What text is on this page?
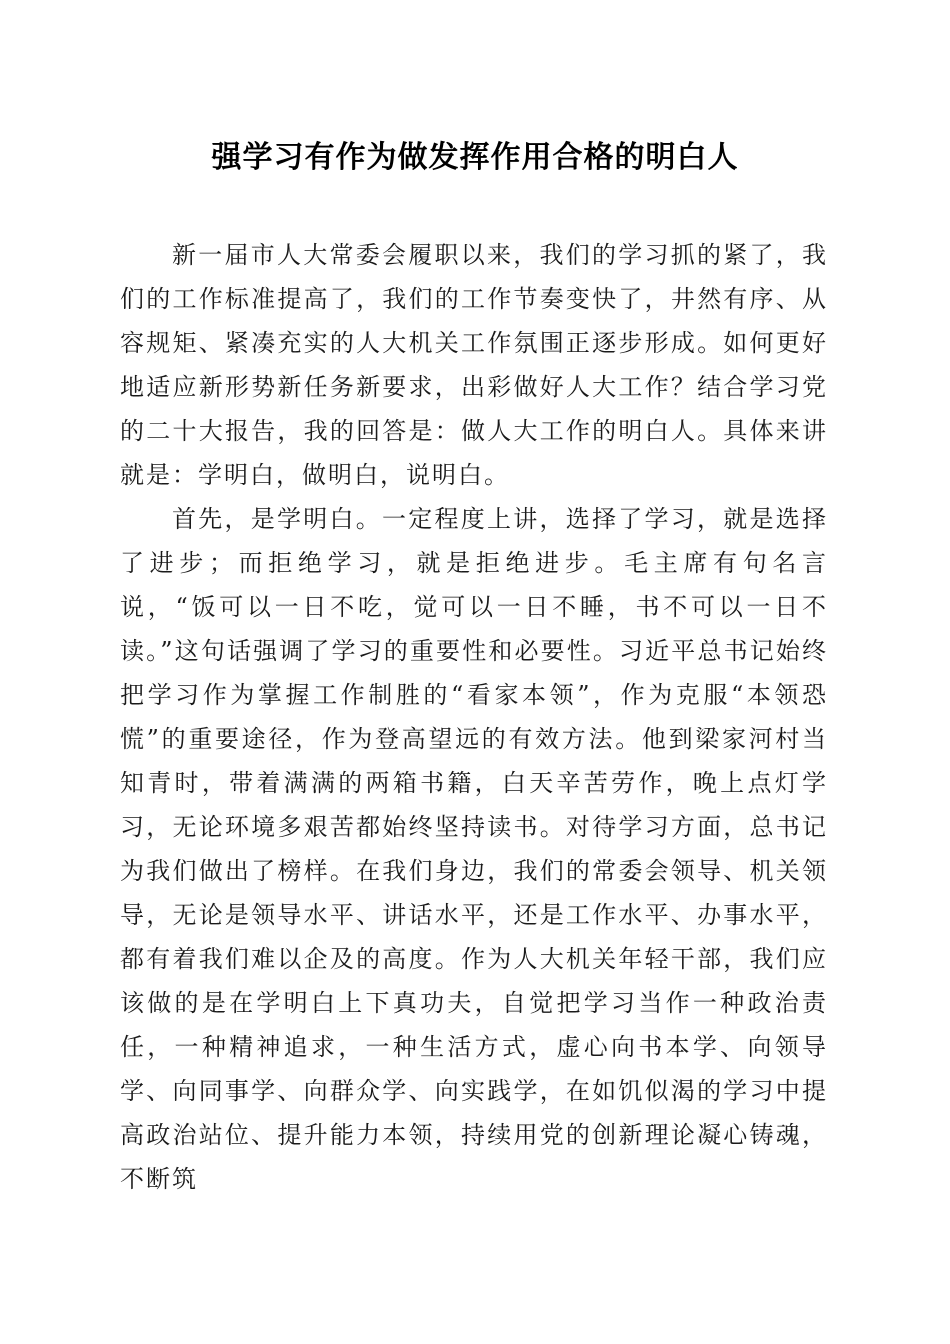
强学习有作为做发挥作用合格的明白人

新一届市人大常委会履职以来，我们的学习抓的紧了，我们的工作标准提高了，我们的工作节奏变快了，井然有序、从容规矩、紧凑充实的人大机关工作氛围正逐步形成。如何更好地适应新形势新任务新要求，出彩做好人大工作？结合学习党的二十大报告，我的回答是：做人大工作的明白人。具体来讲就是：学明白，做明白，说明白。

首先，是学明白。一定程度上讲，选择了学习，就是选择了进步；而拒绝学习，就是拒绝进步。毛主席有句名言说，“饭可以一日不吃，觉可以一日不睡，书不可以一日不读。”这句话强调了学习的重要性和必要性。习近平总书记始终把学习作为掌握工作制胜的“看家本领”，作为克服“本领恐慌”的重要途径，作为登高望远的有效方法。他到梁家河村当知青时，带着满满的两箱书籍，白天辛苦劳作，晚上点灯学习，无论环境多艰苦都始终坚持读书。对待学习方面，总书记为我们做出了榜样。在我们身边，我们的常委会领导、机关领导，无论是领导水平、讲话水平，还是工作水平、办事水平，都有着我们难以企及的高度。作为人大机关年轻干部，我们应该做的是在学明白上下真功夫，自觉把学习当作一种政治责任，一种精神追求，一种生活方式，虚心向书本学、向领导学、向同事学、向群众学、向实践学，在如饥似渴的学习中提高政治站位、提升能力本领，持续用党的创新理论凝心铸魂，不断筑
